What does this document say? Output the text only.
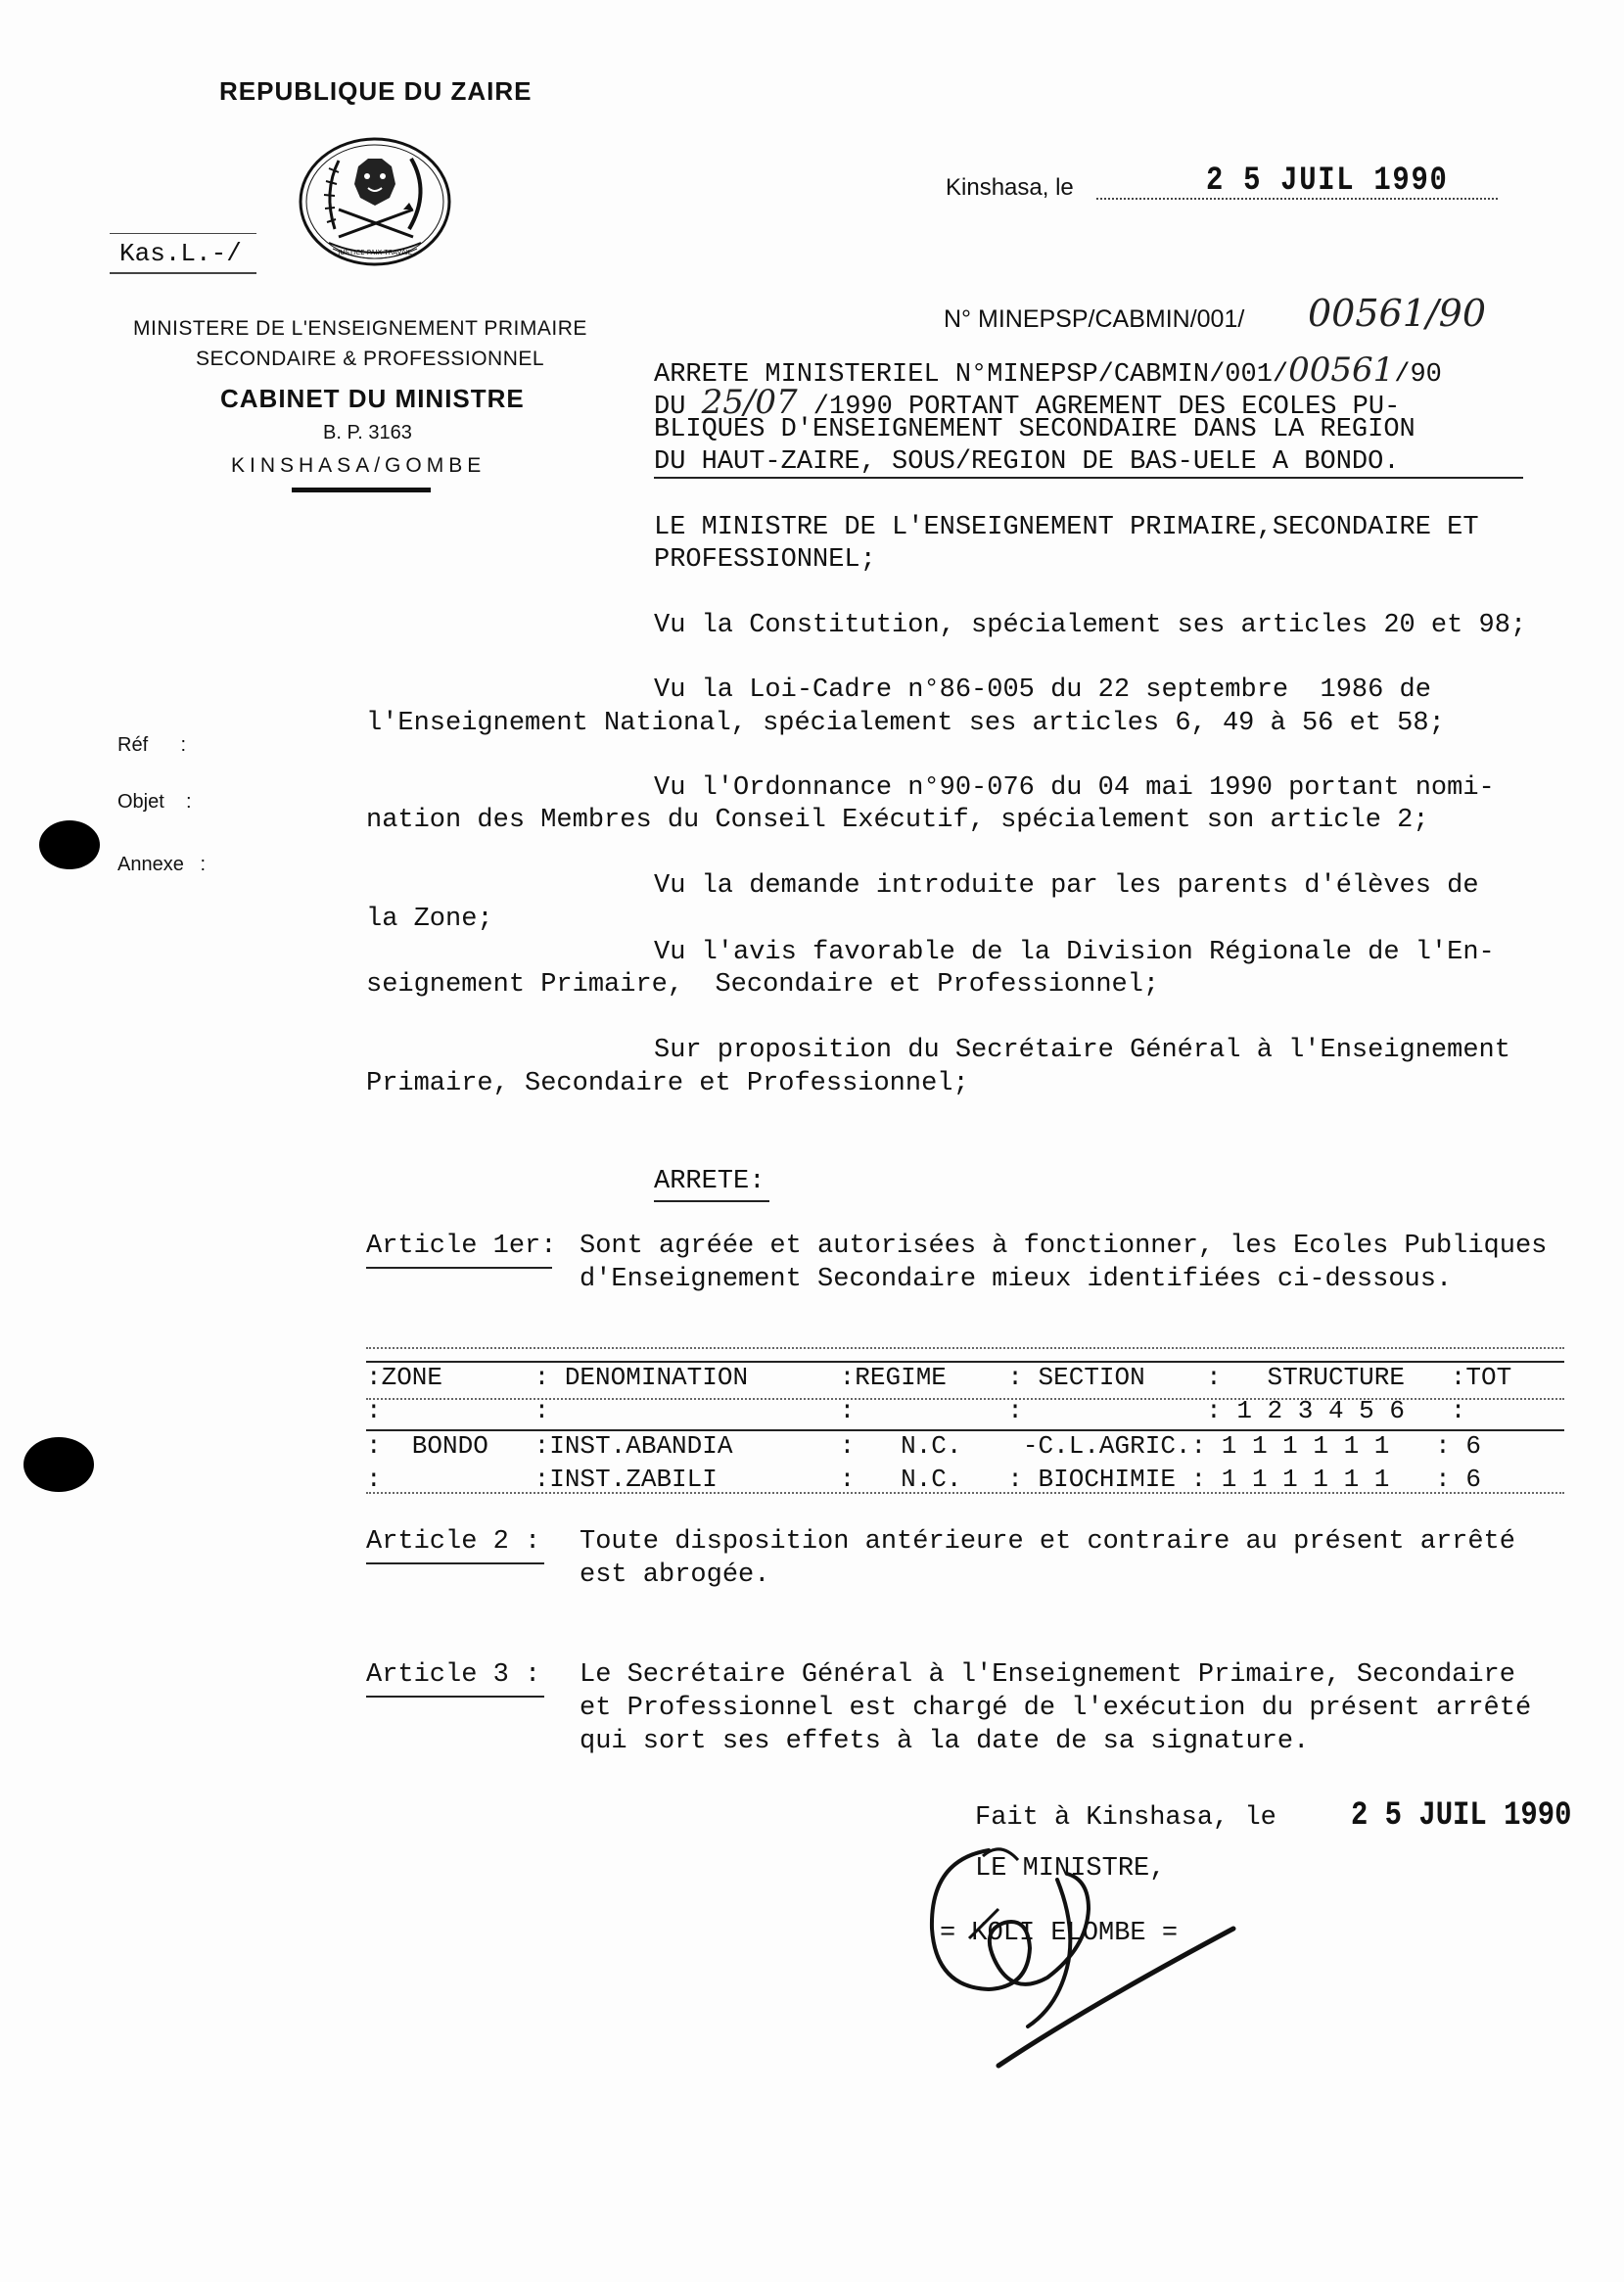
REPUBLIQUE DU ZAIRE
JUSTICE PAIX TRAVAIL
Kas.L.-/
MINISTERE DE L'ENSEIGNEMENT PRIMAIRE
SECONDAIRE & PROFESSIONNEL
CABINET DU MINISTRE
B. P. 3163
KINSHASA/GOMBE
Kinshasa, le	2 5 JUIL 1990
N° MINEPSP/CABMIN/001/ 00561/90
ARRETE MINISTERIEL N°MINEPSP/CABMIN/001/00561/90
DU 25/07 /1990 PORTANT AGREMENT DES ECOLES PU-
BLIQUES D'ENSEIGNEMENT SECONDAIRE DANS LA REGION
DU HAUT-ZAIRE, SOUS/REGION DE BAS-UELE A BONDO.
Réf      :
Objet    :
Annexe   :
LE MINISTRE DE L'ENSEIGNEMENT PRIMAIRE,SECONDAIRE ET
PROFESSIONNEL;
Vu la Constitution, spécialement ses articles 20 et 98;
Vu la Loi-Cadre n°86-005 du 22 septembre  1986 de
l'Enseignement National, spécialement ses articles 6, 49 à 56 et 58;
Vu l'Ordonnance n°90-076 du 04 mai 1990 portant nomi-
nation des Membres du Conseil Exécutif, spécialement son article 2;
Vu la demande introduite par les parents d'élèves de
la Zone;
Vu l'avis favorable de la Division Régionale de l'En-
seignement Primaire,  Secondaire et Professionnel;
Sur proposition du Secrétaire Général à l'Enseignement
Primaire, Secondaire et Professionnel;
ARRETE:
Article 1er: Sont agréée et autorisées à fonctionner, les Ecoles Publiques
d'Enseignement Secondaire mieux identifiées ci-dessous.
:ZONE      : DENOMINATION      :REGIME    : SECTION    :   STRUCTURE   :TOT
:          :                   :          :            : 1 2 3 4 5 6   :
:  BONDO   :INST.ABANDIA       :   N.C.    -C.L.AGRIC.: 1 1 1 1 1 1   : 6
:          :INST.ZABILI        :   N.C.   : BIOCHIMIE : 1 1 1 1 1 1   : 6
Article 2 : Toute disposition antérieure et contraire au présent arrêté
est abrogée.
Article 3 : Le Secrétaire Général à l'Enseignement Primaire, Secondaire
et Professionnel est chargé de l'exécution du présent arrêté
qui sort ses effets à la date de sa signature.
Fait à Kinshasa, le 2 5 JUIL 1990
LE MINISTRE,
= KOLI ELOMBE =
